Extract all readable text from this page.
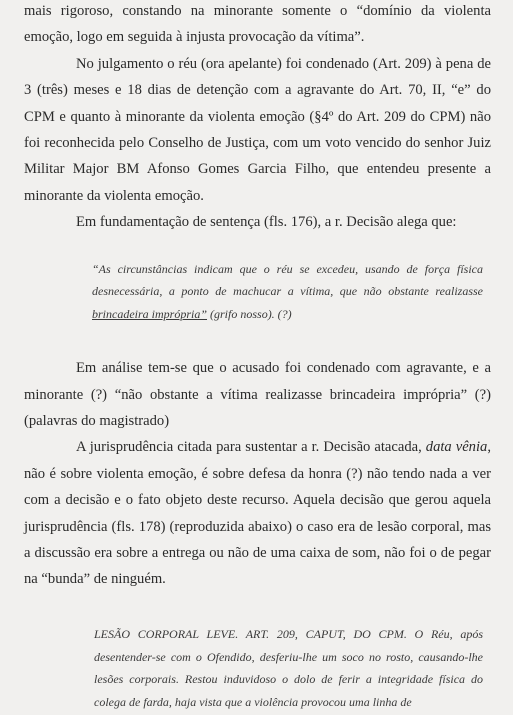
mais rigoroso, constando na minorante somente o “domínio da violenta emoção, logo em seguida à injusta provocação da vítima”.

No julgamento o réu (ora apelante) foi condenado (Art. 209) à pena de 3 (três) meses e 18 dias de detenção com a agravante do Art. 70, II, “e” do CPM e quanto à minorante da violenta emoção (§4º do Art. 209 do CPM) não foi reconhecida pelo Conselho de Justiça, com um voto vencido do senhor Juiz Militar Major BM Afonso Gomes Garcia Filho, que entendeu presente a minorante da violenta emoção.

Em fundamentação de sentença (fls. 176), a r. Decisão alega que:

“As circunstâncias indicam que o réu se excedeu, usando de força física desnecessária, a ponto de machucar a vítima, que não obstante realizasse brincadeira imprópria” (grifo nosso). (?)

Em análise tem-se que o acusado foi condenado com agravante, e a minorante (?) “não obstante a vítima realizasse brincadeira imprópria” (?) (palavras do magistrado)

A jurisprudência citada para sustentar a r. Decisão atacada, data vênia, não é sobre violenta emoção, é sobre defesa da honra (?) não tendo nada a ver com a decisão e o fato objeto deste recurso. Aquela decisão que gerou aquela jurisprudência (fls. 178) (reproduzida abaixo) o caso era de lesão corporal, mas a discussão era sobre a entrega ou não de uma caixa de som, não foi o de pegar na “bunda” de ninguém.

LESÃO CORPORAL LEVE. ART. 209, CAPUT, DO CPM. O Réu, após desentender-se com o Ofendido, desferiu-lhe um soco no rosto, causando-lhe lesões corporais. Restou induvidoso o dolo de ferir a integridade física do colega de farda, haja vista que a violência provocou uma linha de
